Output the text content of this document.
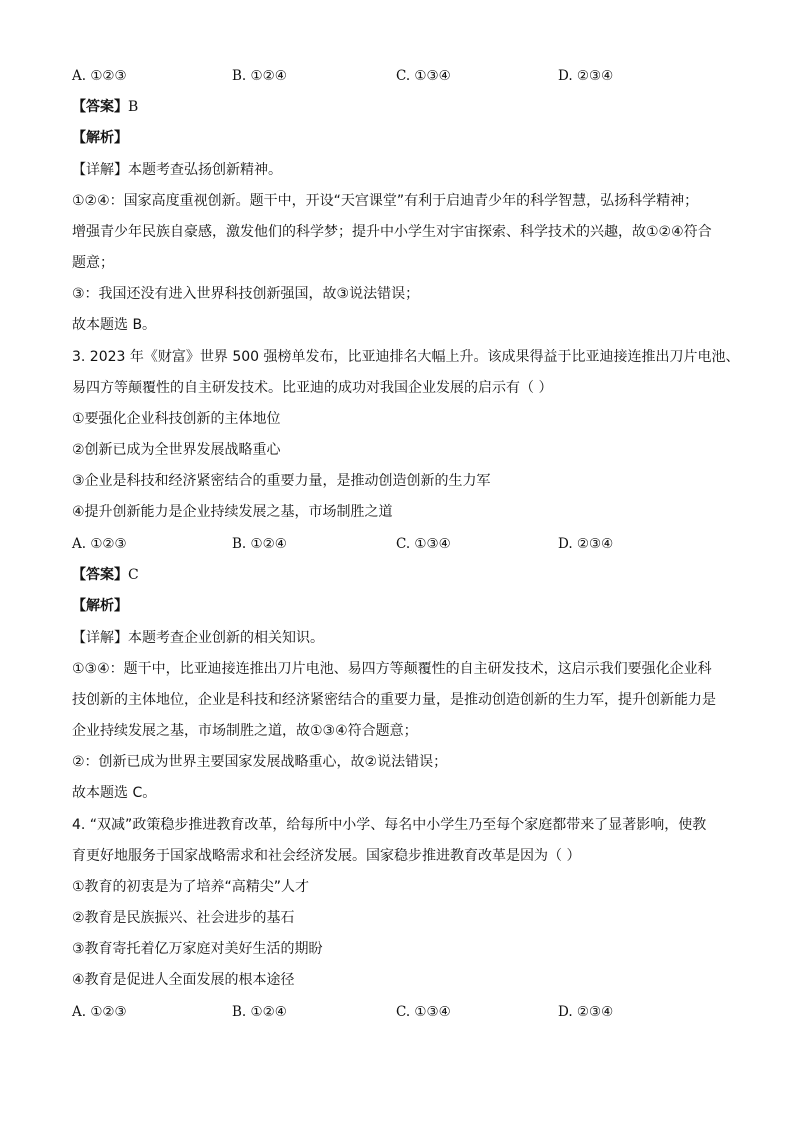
A. ①②③	B. ①②④	C. ①③④	D. ②③④
【答案】B
【解析】
【详解】本题考查弘扬创新精神。
①②④：国家高度重视创新。题干中，开设“天宫课堂”有利于启迪青少年的科学智慧，弘扬科学精神；
增强青少年民族自豪感，激发他们的科学梦；提升中小学生对宇宙探索、科学技术的兴趣，故①②④符合
题意；
③：我国还没有进入世界科技创新强国，故③说法错误；
故本题选 B。
3. 2023 年《财富》世界 500 强榜单发布，比亚迪排名大幅上升。该成果得益于比亚迪接连推出刀片电池、
易四方等颠覆性的自主研发技术。比亚迪的成功对我国企业发展的启示有（ ）
①要强化企业科技创新的主体地位
②创新已成为全世界发展战略重心
③企业是科技和经济紧密结合的重要力量，是推动创造创新的生力军
④提升创新能力是企业持续发展之基，市场制胜之道
A. ①②③	B. ①②④	C. ①③④	D. ②③④
【答案】C
【解析】
【详解】本题考查企业创新的相关知识。
①③④：题干中，比亚迪接连推出刀片电池、易四方等颠覆性的自主研发技术，这启示我们要强化企业科
技创新的主体地位，企业是科技和经济紧密结合的重要力量，是推动创造创新的生力军，提升创新能力是
企业持续发展之基，市场制胜之道，故①③④符合题意；
②：创新已成为世界主要国家发展战略重心，故②说法错误；
故本题选 C。
4. “双减”政策稳步推进教育改革，给每所中小学、每名中小学生乃至每个家庭都带来了显著影响，使教
育更好地服务于国家战略需求和社会经济发展。国家稳步推进教育改革是因为（ ）
①教育的初衷是为了培养“高精尖”人才
②教育是民族振兴、社会进步的基石
③教育寄托着亿万家庭对美好生活的期盼
④教育是促进人全面发展的根本途径
A. ①②③	B. ①②④	C. ①③④	D. ②③④
